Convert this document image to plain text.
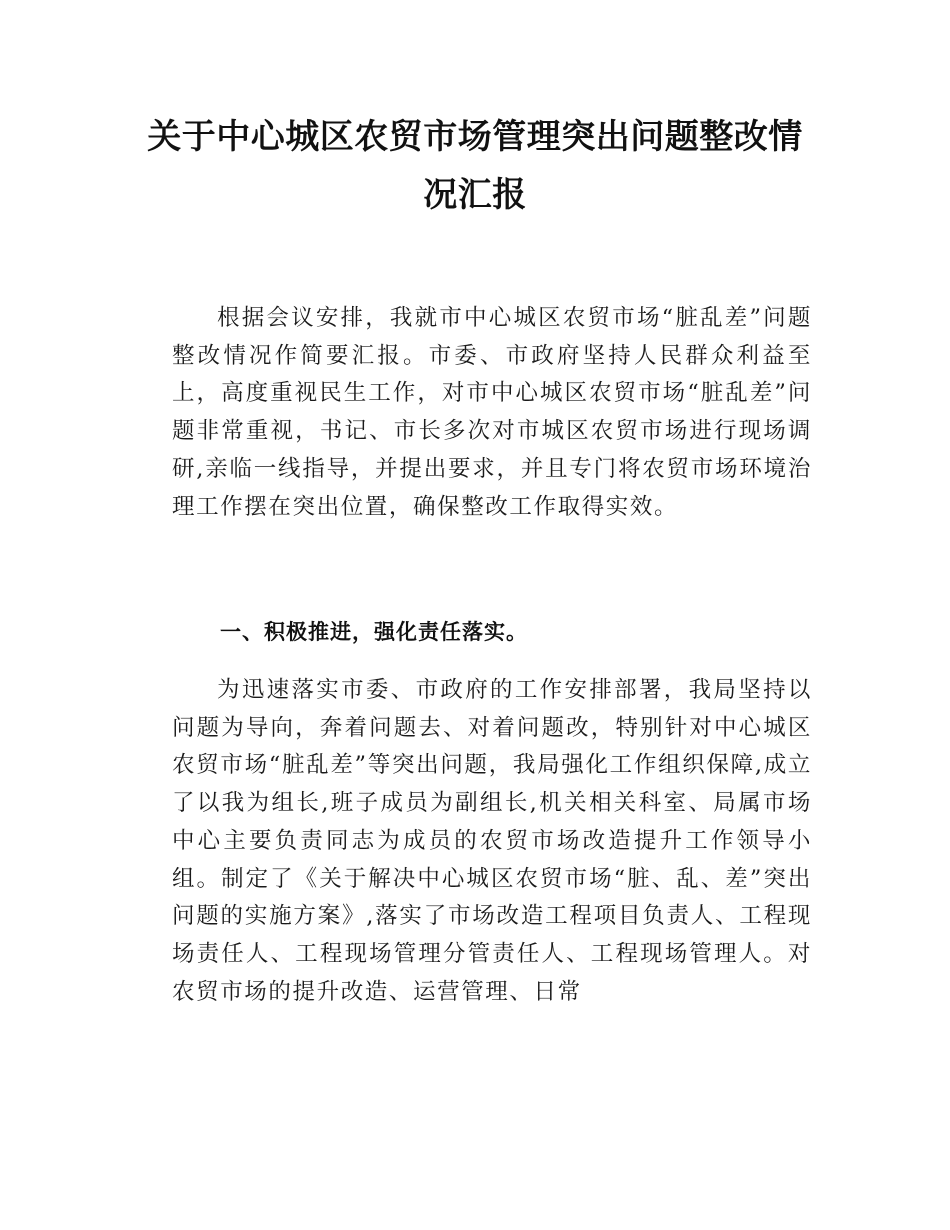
关于中心城区农贸市场管理突出问题整改情
况汇报

根据会议安排，我就市中心城区农贸市场“脏乱差”问题整改情况作简要汇报。市委、市政府坚持人民群众利益至上，高度重视民生工作，对市中心城区农贸市场“脏乱差”问题非常重视，书记、市长多次对市城区农贸市场进行现场调研,亲临一线指导，并提出要求，并且专门将农贸市场环境治理工作摆在突出位置，确保整改工作取得实效。

一、积极推进，强化责任落实。

为迅速落实市委、市政府的工作安排部署，我局坚持以问题为导向，奔着问题去、对着问题改，特别针对中心城区农贸市场“脏乱差”等突出问题，我局强化工作组织保障,成立了以我为组长,班子成员为副组长,机关相关科室、局属市场中心主要负责同志为成员的农贸市场改造提升工作领导小组。制定了《关于解决中心城区农贸市场“脏、乱、差”突出问题的实施方案》,落实了市场改造工程项目负责人、工程现场责任人、工程现场管理分管责任人、工程现场管理人。对农贸市场的提升改造、运营管理、日常
